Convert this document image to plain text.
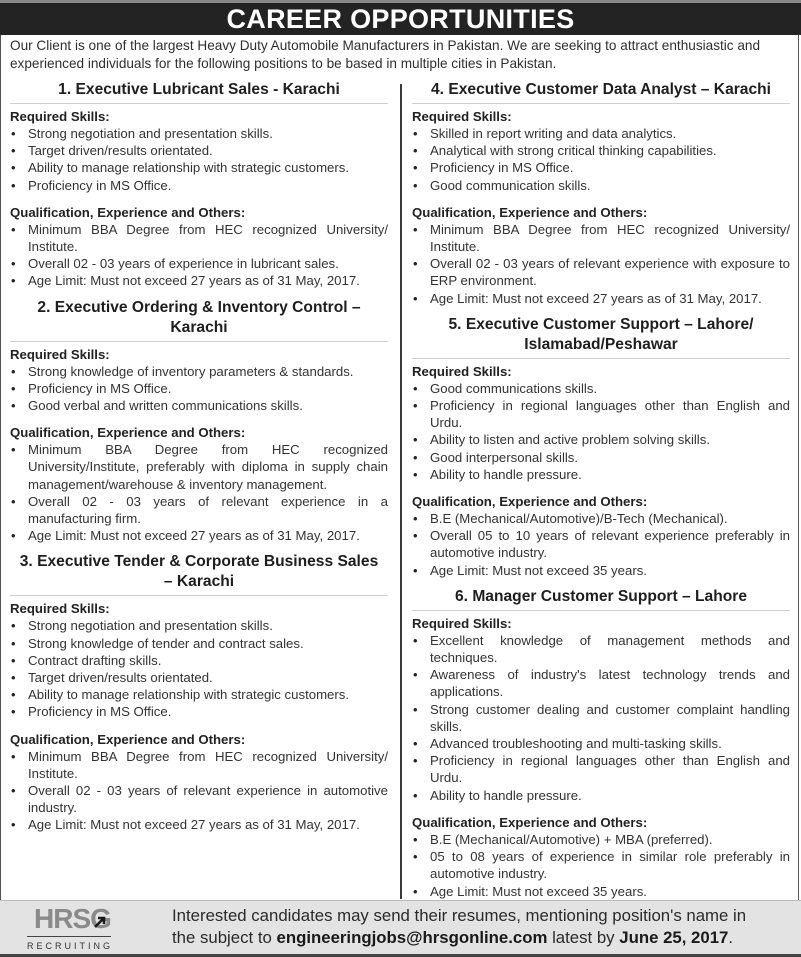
CAREER OPPORTUNITIES
Our Client is one of the largest Heavy Duty Automobile Manufacturers in Pakistan. We are seeking to attract enthusiastic and experienced individuals for the following positions to be based in multiple cities in Pakistan.
1. Executive Lubricant Sales - Karachi
Required Skills:
• Strong negotiation and presentation skills.
• Target driven/results orientated.
• Ability to manage relationship with strategic customers.
• Proficiency in MS Office.
Qualification, Experience and Others:
• Minimum BBA Degree from HEC recognized University/ Institute.
• Overall 02 - 03 years of experience in lubricant sales.
• Age Limit: Must not exceed 27 years as of 31 May, 2017.
2. Executive Ordering & Inventory Control – Karachi
Required Skills:
• Strong knowledge of inventory parameters & standards.
• Proficiency in MS Office.
• Good verbal and written communications skills.
Qualification, Experience and Others:
• Minimum BBA Degree from HEC recognized University/Institute, preferably with diploma in supply chain management/warehouse & inventory management.
• Overall 02 - 03 years of relevant experience in a manufacturing firm.
• Age Limit: Must not exceed 27 years as of 31 May, 2017.
3. Executive Tender & Corporate Business Sales – Karachi
Required Skills:
• Strong negotiation and presentation skills.
• Strong knowledge of tender and contract sales.
• Contract drafting skills.
• Target driven/results orientated.
• Ability to manage relationship with strategic customers.
• Proficiency in MS Office.
Qualification, Experience and Others:
• Minimum BBA Degree from HEC recognized University/ Institute.
• Overall 02 - 03 years of relevant experience in automotive industry.
• Age Limit: Must not exceed 27 years as of 31 May, 2017.
4. Executive Customer Data Analyst – Karachi
Required Skills:
• Skilled in report writing and data analytics.
• Analytical with strong critical thinking capabilities.
• Proficiency in MS Office.
• Good communication skills.
Qualification, Experience and Others:
• Minimum BBA Degree from HEC recognized University/ Institute.
• Overall 02 - 03 years of relevant experience with exposure to ERP environment.
• Age Limit: Must not exceed 27 years as of 31 May, 2017.
5. Executive Customer Support – Lahore/ Islamabad/Peshawar
Required Skills:
• Good communications skills.
• Proficiency in regional languages other than English and Urdu.
• Ability to listen and active problem solving skills.
• Good interpersonal skills.
• Ability to handle pressure.
Qualification, Experience and Others:
• B.E (Mechanical/Automotive)/B-Tech (Mechanical).
• Overall 05 to 10 years of relevant experience preferably in automotive industry.
• Age Limit: Must not exceed 35 years.
6. Manager Customer Support – Lahore
Required Skills:
• Excellent knowledge of management methods and techniques.
• Awareness of industry's latest technology trends and applications.
• Strong customer dealing and customer complaint handling skills.
• Advanced troubleshooting and multi-tasking skills.
• Proficiency in regional languages other than English and Urdu.
• Ability to handle pressure.
Qualification, Experience and Others:
• B.E (Mechanical/Automotive) + MBA (preferred).
• 05 to 08 years of experience in similar role preferably in automotive industry.
• Age Limit: Must not exceed 35 years.
HRSG
RECRUITING
Interested candidates may send their resumes, mentioning position's name in
the subject to engineeringjobs@hrsgonline.com latest by June 25, 2017.
